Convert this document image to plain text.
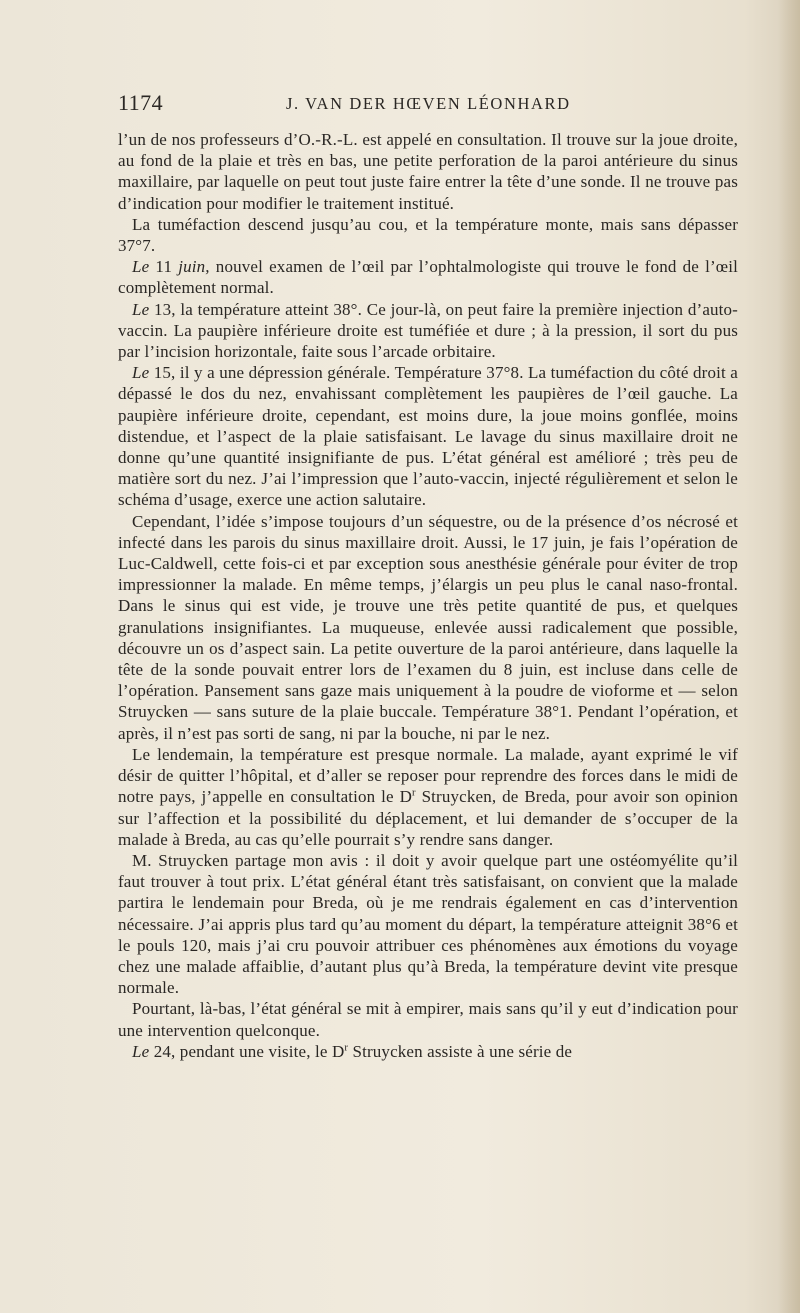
1174	J. VAN DER HŒVEN LÉONHARD

l’un de nos professeurs d’O.-R.-L. est appelé en consultation. Il trouve sur la joue droite, au fond de la plaie et très en bas, une petite perforation de la paroi antérieure du sinus maxillaire, par laquelle on peut tout juste faire entrer la tête d’une sonde. Il ne trouve pas d’indication pour modifier le traitement institué.

La tuméfaction descend jusqu’au cou, et la température monte, mais sans dépasser 37°7.

Le 11 juin, nouvel examen de l’œil par l’ophtalmologiste qui trouve le fond de l’œil complètement normal.

Le 13, la température atteint 38°. Ce jour-là, on peut faire la première injection d’auto-vaccin. La paupière inférieure droite est tuméfiée et dure ; à la pression, il sort du pus par l’incision horizontale, faite sous l’arcade orbitaire.

Le 15, il y a une dépression générale. Température 37°8. La tuméfaction du côté droit a dépassé le dos du nez, envahissant complètement les paupières de l’œil gauche. La paupière inférieure droite, cependant, est moins dure, la joue moins gonflée, moins distendue, et l’aspect de la plaie satisfaisant. Le lavage du sinus maxillaire droit ne donne qu’une quantité insignifiante de pus. L’état général est amélioré ; très peu de matière sort du nez. J’ai l’impression que l’auto-vaccin, injecté régulièrement et selon le schéma d’usage, exerce une action salutaire.

Cependant, l’idée s’impose toujours d’un séquestre, ou de la présence d’os nécrosé et infecté dans les parois du sinus maxillaire droit. Aussi, le 17 juin, je fais l’opération de Luc-Caldwell, cette fois-ci et par exception sous anesthésie générale pour éviter de trop impressionner la malade. En même temps, j’élargis un peu plus le canal naso-frontal. Dans le sinus qui est vide, je trouve une très petite quantité de pus, et quelques granulations insignifiantes. La muqueuse, enlevée aussi radicalement que possible, découvre un os d’aspect sain. La petite ouverture de la paroi antérieure, dans laquelle la tête de la sonde pouvait entrer lors de l’examen du 8 juin, est incluse dans celle de l’opération. Pansement sans gaze mais uniquement à la poudre de vioforme et — selon Struycken — sans suture de la plaie buccale. Température 38°1. Pendant l’opération, et après, il n’est pas sorti de sang, ni par la bouche, ni par le nez.

Le lendemain, la température est presque normale. La malade, ayant exprimé le vif désir de quitter l’hôpital, et d’aller se reposer pour reprendre des forces dans le midi de notre pays, j’appelle en consultation le $D^r$ Struycken, de Breda, pour avoir son opinion sur l’affection et la possibilité du déplacement, et lui demander de s’occuper de la malade à Breda, au cas qu’elle pourrait s’y rendre sans danger.

M. Struycken partage mon avis : il doit y avoir quelque part une ostéomyélite qu’il faut trouver à tout prix. L’état général étant très satisfaisant, on convient que la malade partira le lendemain pour Breda, où je me rendrais également en cas d’intervention nécessaire. J’ai appris plus tard qu’au moment du départ, la température atteignit 38°6 et le pouls 120, mais j’ai cru pouvoir attribuer ces phénomènes aux émotions du voyage chez une malade affaiblie, d’autant plus qu’à Breda, la température devint vite presque normale.

Pourtant, là-bas, l’état général se mit à empirer, mais sans qu’il y eut d’indication pour une intervention quelconque.

Le 24, pendant une visite, le $D^r$ Struycken assiste à une série de
